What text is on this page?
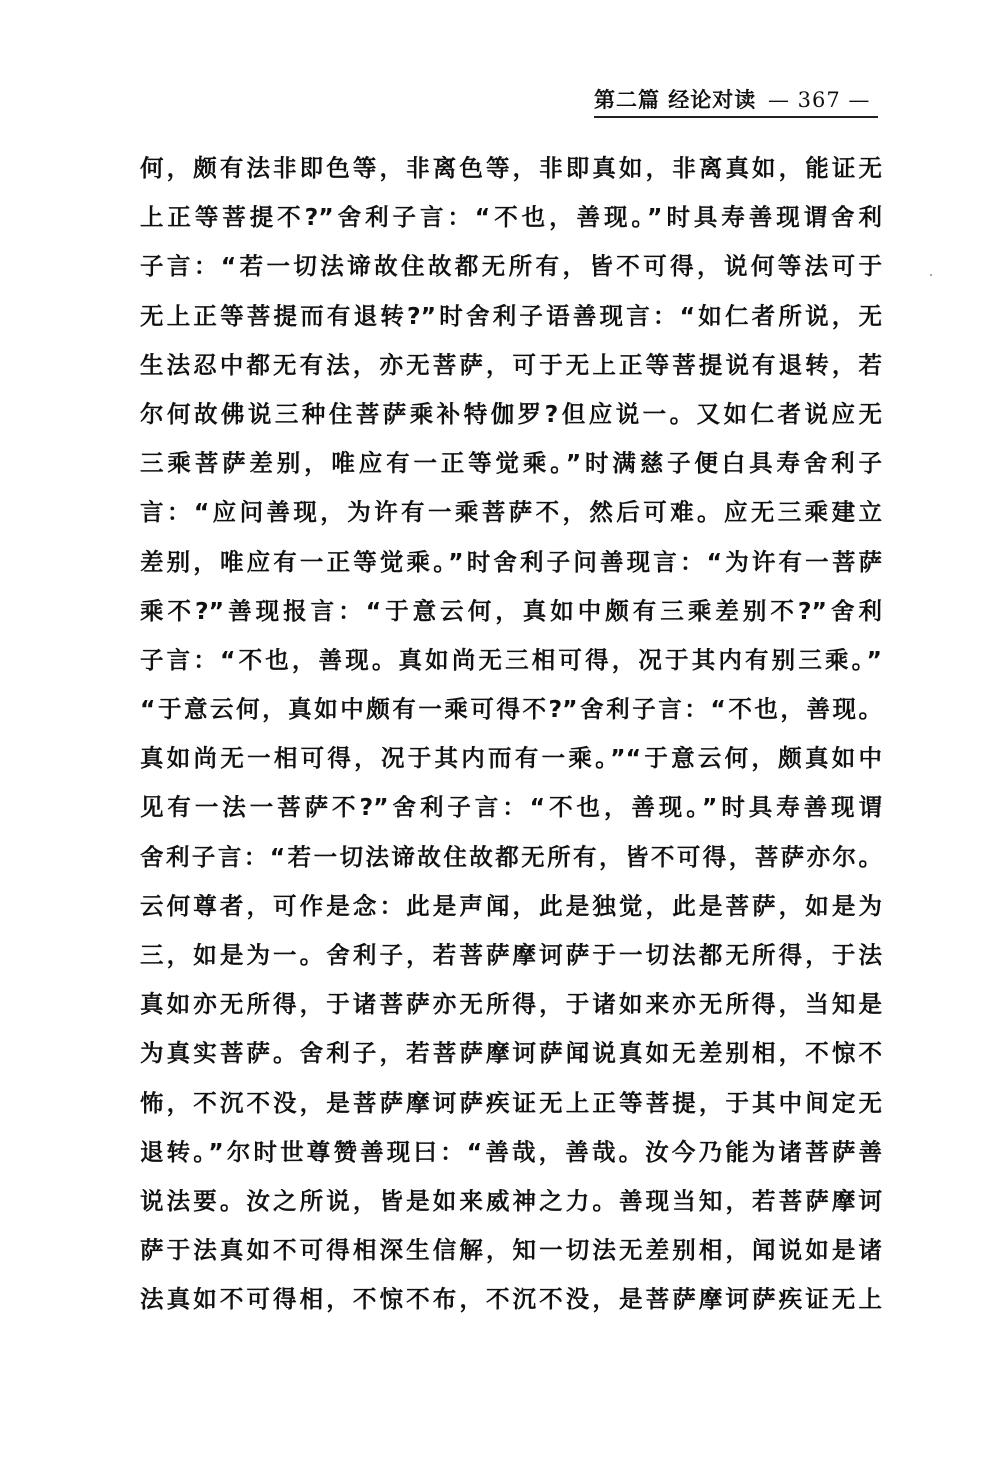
第二篇 经论对读 — 367 —
何，颇有法非即色等，非离色等，非即真如，非离真如，能证无
上正等菩提不?”舍利子言：“不也，善现。”时具寿善现谓舍利
子言：“若一切法谛故住故都无所有，皆不可得，说何等法可于
无上正等菩提而有退转?”时舍利子语善现言：“如仁者所说，无
生法忍中都无有法，亦无菩萨，可于无上正等菩提说有退转，若
尔何故佛说三种住菩萨乘补特伽罗?但应说一。又如仁者说应无
三乘菩萨差别，唯应有一正等觉乘。”时满慈子便白具寿舍利子
言：“应问善现，为许有一乘菩萨不，然后可难。应无三乘建立
差别，唯应有一正等觉乘。”时舍利子问善现言：“为许有一菩萨
乘不?”善现报言：“于意云何，真如中颇有三乘差别不?”舍利
子言：“不也，善现。真如尚无三相可得，况于其内有别三乘。”
“于意云何，真如中颇有一乘可得不?”舍利子言：“不也，善现。
真如尚无一相可得，况于其内而有一乘。”“于意云何，颇真如中
见有一法一菩萨不?”舍利子言：“不也，善现。”时具寿善现谓
舍利子言：“若一切法谛故住故都无所有，皆不可得，菩萨亦尔。
云何尊者，可作是念：此是声闻，此是独觉，此是菩萨，如是为
三，如是为一。舍利子，若菩萨摩诃萨于一切法都无所得，于法
真如亦无所得，于诸菩萨亦无所得，于诸如来亦无所得，当知是
为真实菩萨。舍利子，若菩萨摩诃萨闻说真如无差别相，不惊不
怖，不沉不没，是菩萨摩诃萨疾证无上正等菩提，于其中间定无
退转。”尔时世尊赞善现曰：“善哉，善哉。汝今乃能为诸菩萨善
说法要。汝之所说，皆是如来威神之力。善现当知，若菩萨摩诃
萨于法真如不可得相深生信解，知一切法无差别相，闻说如是诸
法真如不可得相，不惊不布，不沉不没，是菩萨摩诃萨疾证无上
